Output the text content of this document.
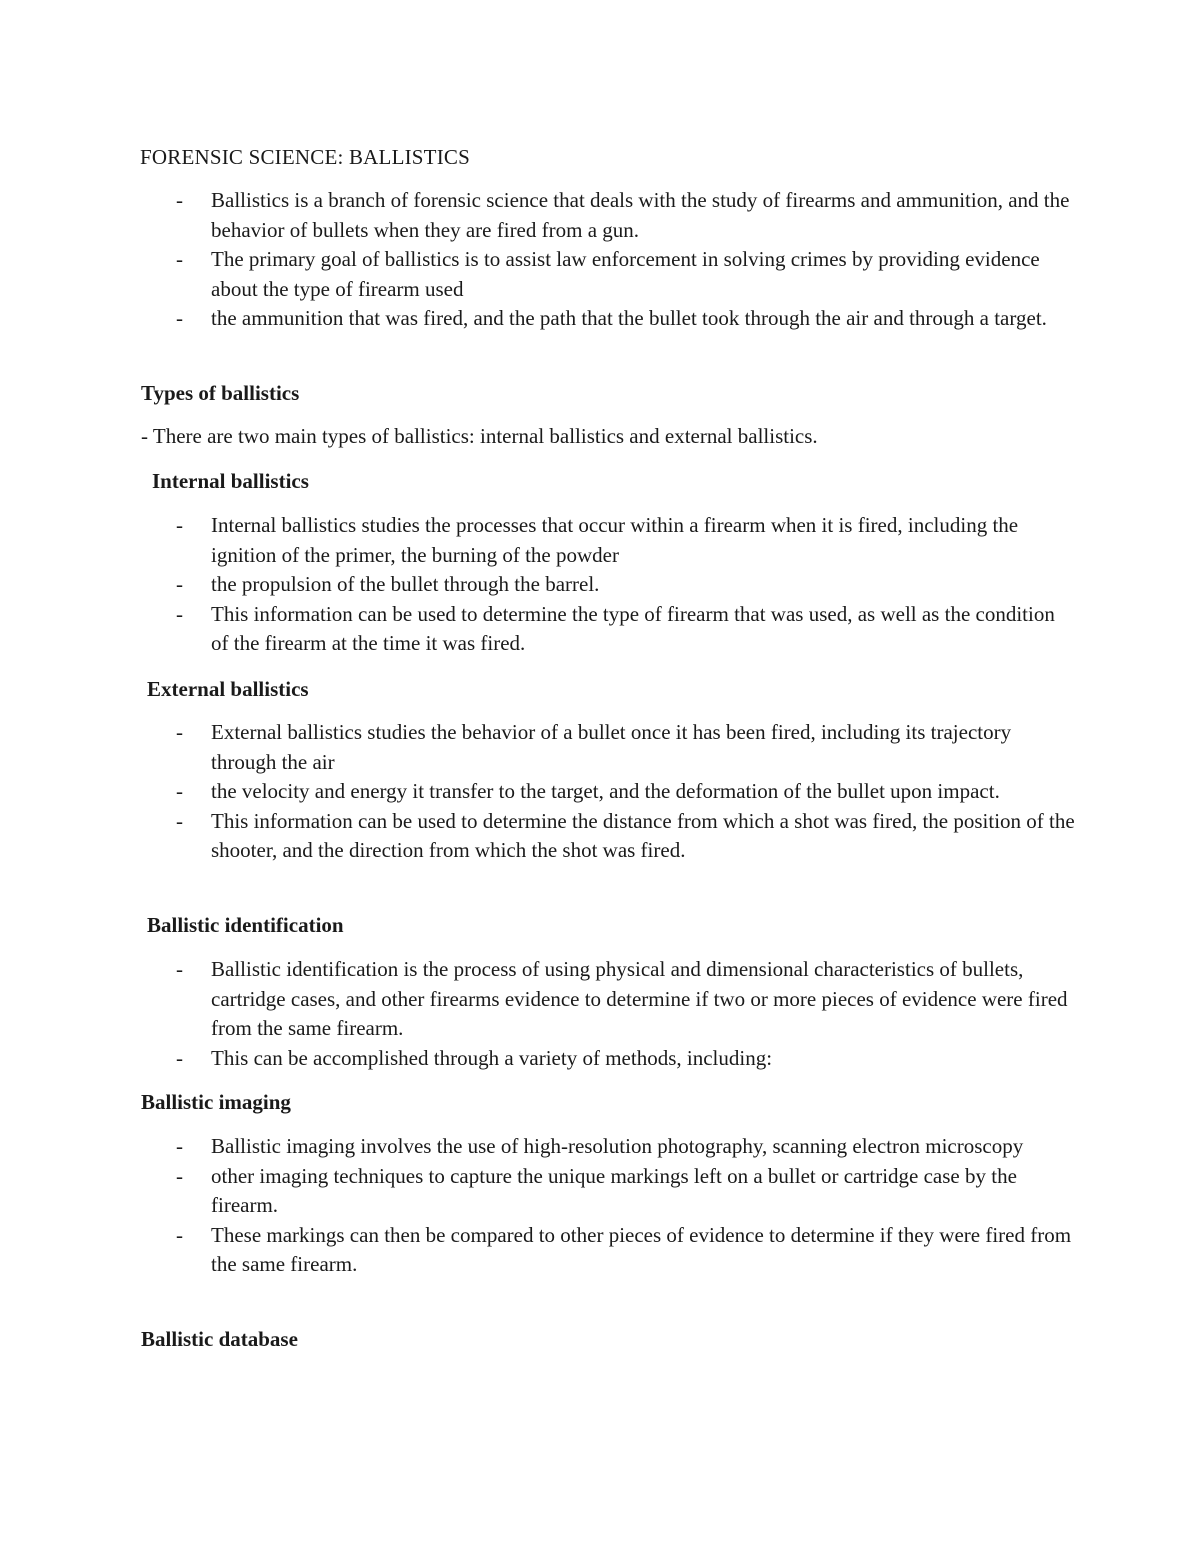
FORENSIC SCIENCE: BALLISTICS
- Ballistics is a branch of forensic science that deals with the study of firearms and ammunition, and the behavior of bullets when they are fired from a gun.
- The primary goal of ballistics is to assist law enforcement in solving crimes by providing evidence about the type of firearm used
- the ammunition that was fired, and the path that the bullet took through the air and through a target.
Types of ballistics

- There are two main types of ballistics: internal ballistics and external ballistics.

Internal ballistics
- Internal ballistics studies the processes that occur within a firearm when it is fired, including the ignition of the primer, the burning of the powder
- the propulsion of the bullet through the barrel.
- This information can be used to determine the type of firearm that was used, as well as the condition of the firearm at the time it was fired.
External ballistics
- External ballistics studies the behavior of a bullet once it has been fired, including its trajectory through the air
- the velocity and energy it transfer to the target, and the deformation of the bullet upon impact.
- This information can be used to determine the distance from which a shot was fired, the position of the shooter, and the direction from which the shot was fired.
Ballistic identification
- Ballistic identification is the process of using physical and dimensional characteristics of bullets, cartridge cases, and other firearms evidence to determine if two or more pieces of evidence were fired from the same firearm.
- This can be accomplished through a variety of methods, including:
Ballistic imaging
- Ballistic imaging involves the use of high-resolution photography, scanning electron microscopy
- other imaging techniques to capture the unique markings left on a bullet or cartridge case by the firearm.
- These markings can then be compared to other pieces of evidence to determine if they were fired from the same firearm.
Ballistic database
